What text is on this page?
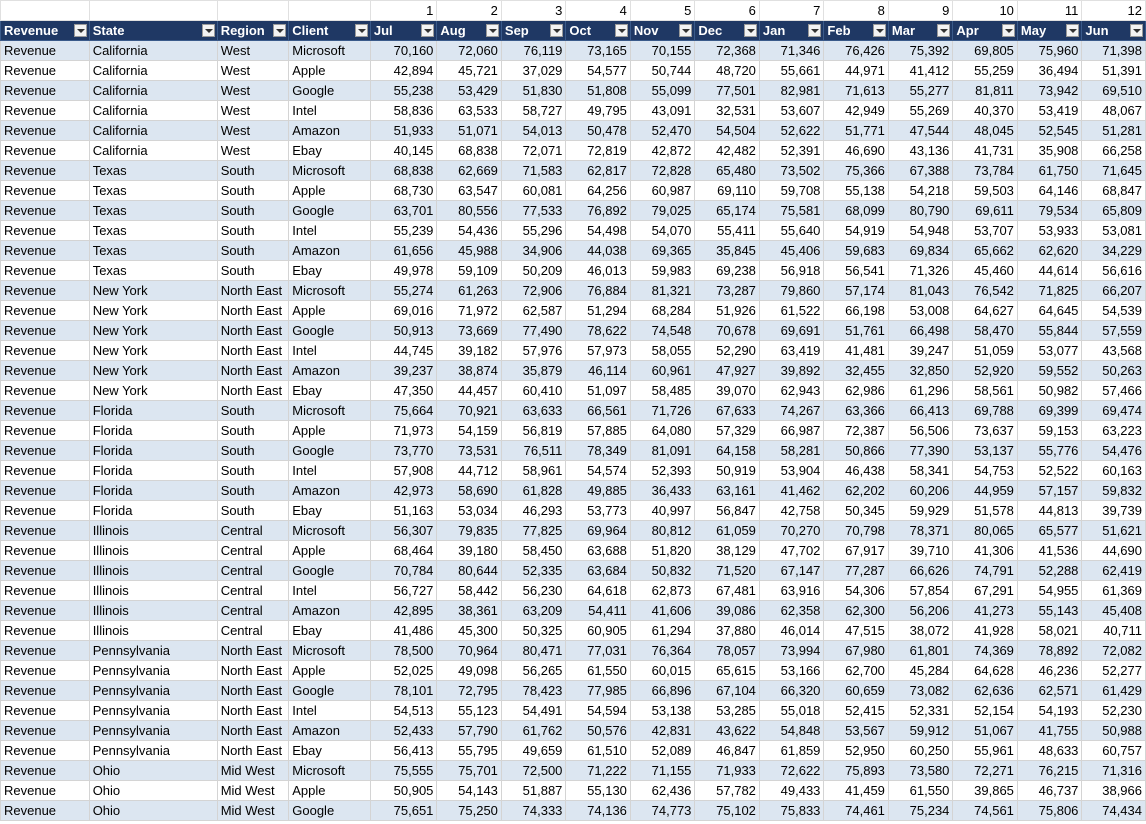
				1	2	3	4	5	6	7	8	9	10	11	12
Revenue	State	Region	Client	Jul	Aug	Sep	Oct	Nov	Dec	Jan	Feb	Mar	Apr	May	Jun

Revenue	California	West	Microsoft	70,160	72,060	76,119	73,165	70,155	72,368	71,346	76,426	75,392	69,805	75,960	71,398
Revenue	California	West	Apple	42,894	45,721	37,029	54,577	50,744	48,720	55,661	44,971	41,412	55,259	36,494	51,391
Revenue	California	West	Google	55,238	53,429	51,830	51,808	55,099	77,501	82,981	71,613	55,277	81,811	73,942	69,510
Revenue	California	West	Intel	58,836	63,533	58,727	49,795	43,091	32,531	53,607	42,949	55,269	40,370	53,419	48,067
Revenue	California	West	Amazon	51,933	51,071	54,013	50,478	52,470	54,504	52,622	51,771	47,544	48,045	52,545	51,281
Revenue	California	West	Ebay	40,145	68,838	72,071	72,819	42,872	42,482	52,391	46,690	43,136	41,731	35,908	66,258
Revenue	Texas	South	Microsoft	68,838	62,669	71,583	62,817	72,828	65,480	73,502	75,366	67,388	73,784	61,750	71,645
Revenue	Texas	South	Apple	68,730	63,547	60,081	64,256	60,987	69,110	59,708	55,138	54,218	59,503	64,146	68,847
Revenue	Texas	South	Google	63,701	80,556	77,533	76,892	79,025	65,174	75,581	68,099	80,790	69,611	79,534	65,809
Revenue	Texas	South	Intel	55,239	54,436	55,296	54,498	54,070	55,411	55,640	54,919	54,948	53,707	53,933	53,081
Revenue	Texas	South	Amazon	61,656	45,988	34,906	44,038	69,365	35,845	45,406	59,683	69,834	65,662	62,620	34,229
Revenue	Texas	South	Ebay	49,978	59,109	50,209	46,013	59,983	69,238	56,918	56,541	71,326	45,460	44,614	56,616
Revenue	New York	North East	Microsoft	55,274	61,263	72,906	76,884	81,321	73,287	79,860	57,174	81,043	76,542	71,825	66,207
Revenue	New York	North East	Apple	69,016	71,972	62,587	51,294	68,284	51,926	61,522	66,198	53,008	64,627	64,645	54,539
Revenue	New York	North East	Google	50,913	73,669	77,490	78,622	74,548	70,678	69,691	51,761	66,498	58,470	55,844	57,559
Revenue	New York	North East	Intel	44,745	39,182	57,976	57,973	58,055	52,290	63,419	41,481	39,247	51,059	53,077	43,568
Revenue	New York	North East	Amazon	39,237	38,874	35,879	46,114	60,961	47,927	39,892	32,455	32,850	52,920	59,552	50,263
Revenue	New York	North East	Ebay	47,350	44,457	60,410	51,097	58,485	39,070	62,943	62,986	61,296	58,561	50,982	57,466
Revenue	Florida	South	Microsoft	75,664	70,921	63,633	66,561	71,726	67,633	74,267	63,366	66,413	69,788	69,399	69,474
Revenue	Florida	South	Apple	71,973	54,159	56,819	57,885	64,080	57,329	66,987	72,387	56,506	73,637	59,153	63,223
Revenue	Florida	South	Google	73,770	73,531	76,511	78,349	81,091	64,158	58,281	50,866	77,390	53,137	55,776	54,476
Revenue	Florida	South	Intel	57,908	44,712	58,961	54,574	52,393	50,919	53,904	46,438	58,341	54,753	52,522	60,163
Revenue	Florida	South	Amazon	42,973	58,690	61,828	49,885	36,433	63,161	41,462	62,202	60,206	44,959	57,157	59,832
Revenue	Florida	South	Ebay	51,163	53,034	46,293	53,773	40,997	56,847	42,758	50,345	59,929	51,578	44,813	39,739
Revenue	Illinois	Central	Microsoft	56,307	79,835	77,825	69,964	80,812	61,059	70,270	70,798	78,371	80,065	65,577	51,621
Revenue	Illinois	Central	Apple	68,464	39,180	58,450	63,688	51,820	38,129	47,702	67,917	39,710	41,306	41,536	44,690
Revenue	Illinois	Central	Google	70,784	80,644	52,335	63,684	50,832	71,520	67,147	77,287	66,626	74,791	52,288	62,419
Revenue	Illinois	Central	Intel	56,727	58,442	56,230	64,618	62,873	67,481	63,916	54,306	57,854	67,291	54,955	61,369
Revenue	Illinois	Central	Amazon	42,895	38,361	63,209	54,411	41,606	39,086	62,358	62,300	56,206	41,273	55,143	45,408
Revenue	Illinois	Central	Ebay	41,486	45,300	50,325	60,905	61,294	37,880	46,014	47,515	38,072	41,928	58,021	40,711
Revenue	Pennsylvania	North East	Microsoft	78,500	70,964	80,471	77,031	76,364	78,057	73,994	67,980	61,801	74,369	78,892	72,082
Revenue	Pennsylvania	North East	Apple	52,025	49,098	56,265	61,550	60,015	65,615	53,166	62,700	45,284	64,628	46,236	52,277
Revenue	Pennsylvania	North East	Google	78,101	72,795	78,423	77,985	66,896	67,104	66,320	60,659	73,082	62,636	62,571	61,429
Revenue	Pennsylvania	North East	Intel	54,513	55,123	54,491	54,594	53,138	53,285	55,018	52,415	52,331	52,154	54,193	52,230
Revenue	Pennsylvania	North East	Amazon	52,433	57,790	61,762	50,576	42,831	43,622	54,848	53,567	59,912	51,067	41,755	50,988
Revenue	Pennsylvania	North East	Ebay	56,413	55,795	49,659	61,510	52,089	46,847	61,859	52,950	60,250	55,961	48,633	60,757
Revenue	Ohio	Mid West	Microsoft	75,555	75,701	72,500	71,222	71,155	71,933	72,622	75,893	73,580	72,271	76,215	71,316
Revenue	Ohio	Mid West	Apple	50,905	54,143	51,887	55,130	62,436	57,782	49,433	41,459	61,550	39,865	46,737	38,966
Revenue	Ohio	Mid West	Google	75,651	75,250	74,333	74,136	74,773	75,102	75,833	74,461	75,234	74,561	75,806	74,434
